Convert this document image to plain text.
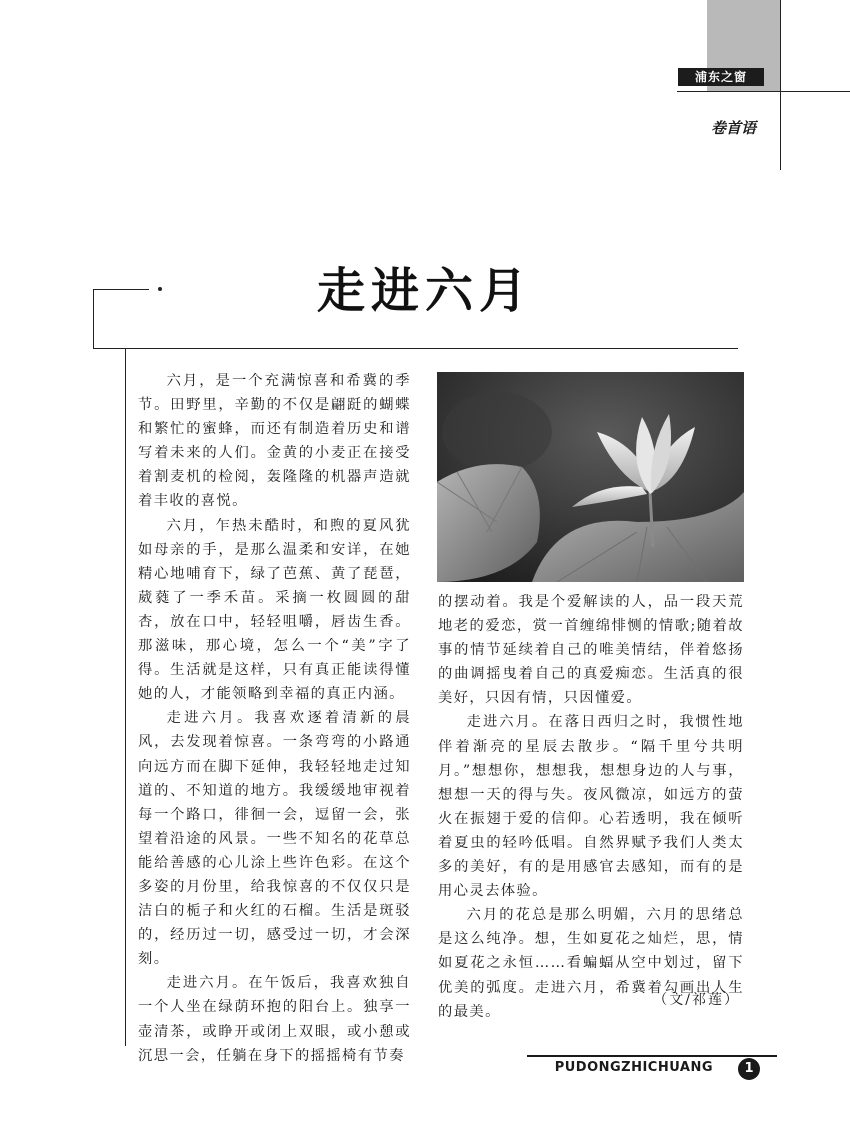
浦东之窗
卷首语
走进六月

六月，是一个充满惊喜和希冀的季节。田野里，辛勤的不仅是翩跹的蝴蝶和繁忙的蜜蜂，而还有制造着历史和谱写着未来的人们。金黄的小麦正在接受着割麦机的检阅，轰隆隆的机器声造就着丰收的喜悦。

六月，乍热未酷时，和煦的夏风犹如母亲的手，是那么温柔和安详，在她精心地哺育下，绿了芭蕉、黄了琵琶，葳蕤了一季禾苗。采摘一枚圆圆的甜杏，放在口中，轻轻咀嚼，唇齿生香。那滋味，那心境，怎么一个“美”字了得。生活就是这样，只有真正能读得懂她的人，才能领略到幸福的真正内涵。

走进六月。我喜欢逐着清新的晨风，去发现着惊喜。一条弯弯的小路通向远方而在脚下延伸，我轻轻地走过知道的、不知道的地方。我缓缓地审视着每一个路口，徘徊一会，逗留一会，张望着沿途的风景。一些不知名的花草总能给善感的心儿涂上些许色彩。在这个多姿的月份里，给我惊喜的不仅仅只是洁白的栀子和火红的石榴。生活是斑驳的，经历过一切，感受过一切，才会深刻。

走进六月。在午饭后，我喜欢独自一个人坐在绿荫环抱的阳台上。独享一壶清茶，或睁开或闭上双眼，或小憩或沉思一会，任躺在身下的摇摇椅有节奏

的摆动着。我是个爱解读的人，品一段天荒地老的爱恋，赏一首缠绵悱恻的情歌;随着故事的情节延续着自己的唯美情结，伴着悠扬的曲调摇曳着自己的真爱痴恋。生活真的很美好，只因有情，只因懂爱。

走进六月。在落日西归之时，我惯性地伴着渐亮的星辰去散步。“隔千里兮共明月。”想想你，想想我，想想身边的人与事，想想一天的得与失。夜风微凉，如远方的萤火在振翅于爱的信仰。心若透明，我在倾听着夏虫的轻吟低唱。自然界赋予我们人类太多的美好，有的是用感官去感知，而有的是用心灵去体验。

六月的花总是那么明媚，六月的思绪总是这么纯净。想，生如夏花之灿烂，思，情如夏花之永恒……看蝙蝠从空中划过，留下优美的弧度。走进六月，希冀着勾画出人生的最美。

（文/祁莲）
PUDONGZHICHUANG	1
